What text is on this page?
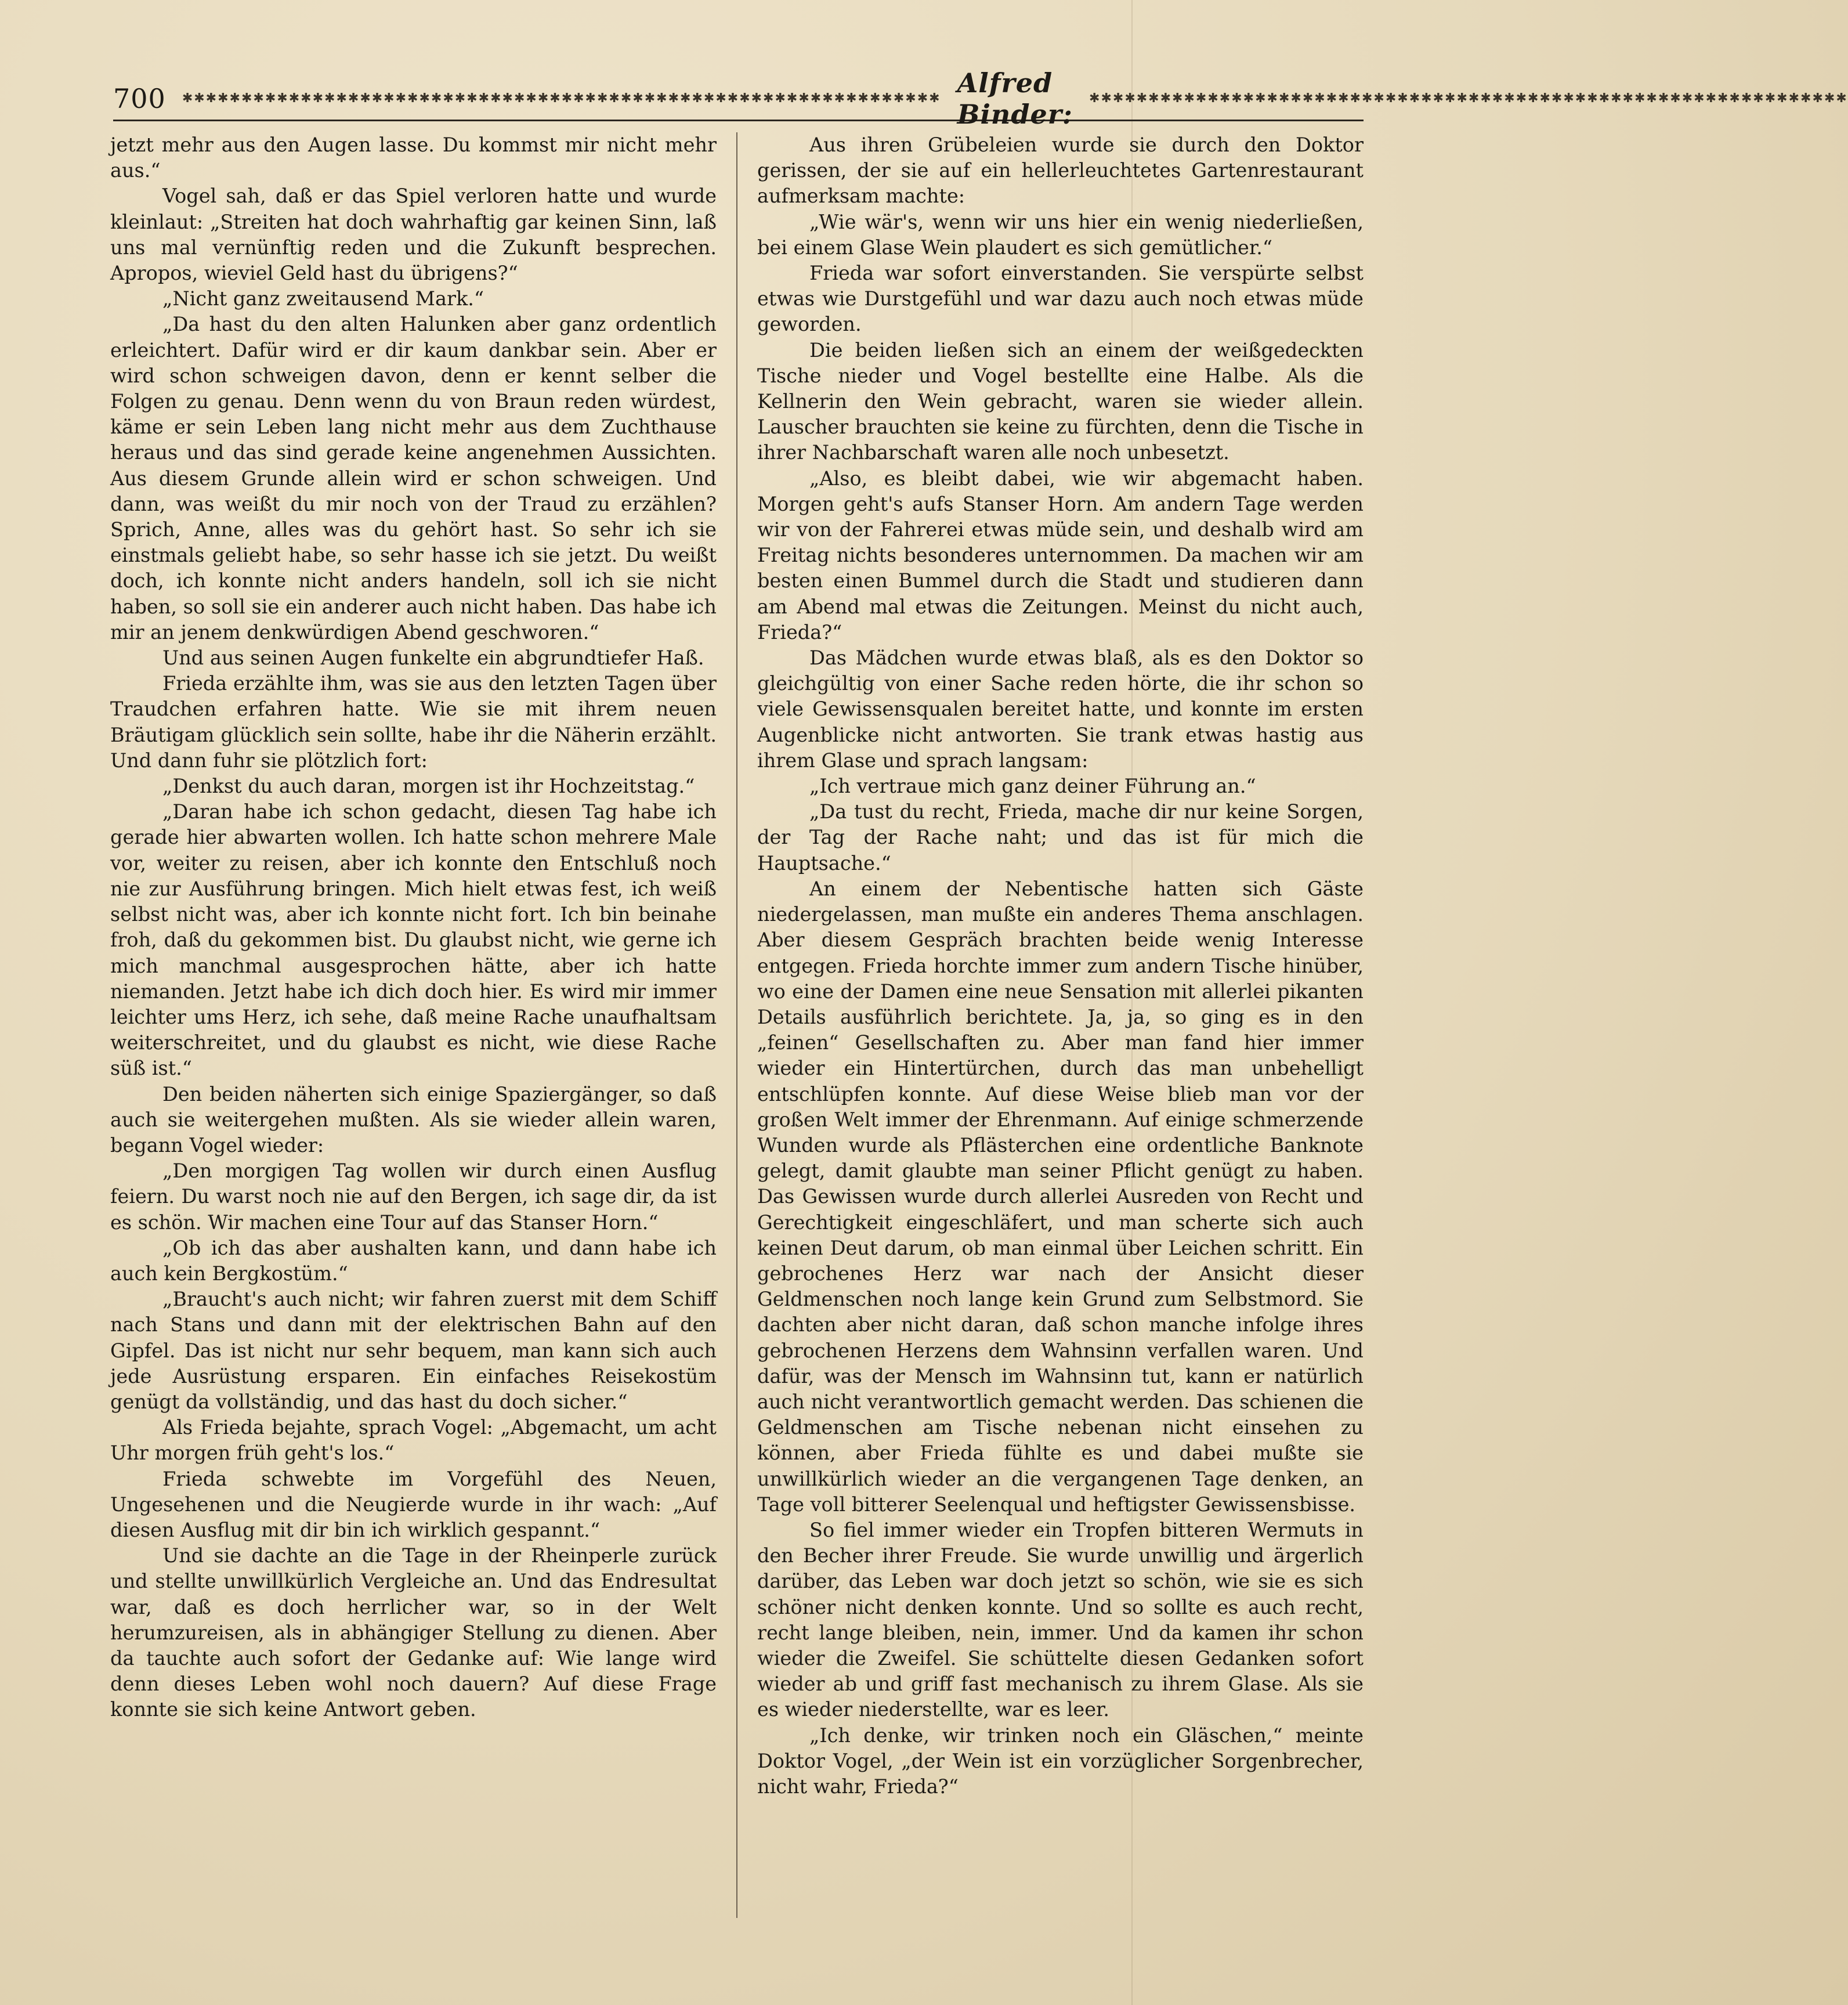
700 ✱✱✱✱✱✱✱✱✱✱✱✱✱✱✱✱✱✱✱✱✱✱✱✱✱✱✱✱✱✱✱✱✱✱✱✱✱✱✱✱✱✱✱✱✱✱✱✱✱✱✱✱✱✱✱✱✱✱✱✱✱✱✱✱ Alfred Binder:
✱✱✱✱✱✱✱✱✱✱✱✱✱✱✱✱✱✱✱✱✱✱✱✱✱✱✱✱✱✱✱✱✱✱✱✱✱✱✱✱✱✱✱✱✱✱✱✱✱✱✱✱✱✱✱✱✱✱✱✱✱✱✱✱

jetzt mehr aus den Augen lasse. Du kommst mir nicht mehr aus.“

Vogel sah, daß er das Spiel verloren hatte und wurde kleinlaut: „Streiten hat doch wahrhaftig gar keinen Sinn, laß uns mal vernünftig reden und die Zukunft besprechen. Apropos, wieviel Geld hast du übrigens?“

„Nicht ganz zweitausend Mark.“

„Da hast du den alten Halunken aber ganz ordentlich erleichtert. Dafür wird er dir kaum dankbar sein. Aber er wird schon schweigen davon, denn er kennt selber die Folgen zu genau. Denn wenn du von Braun reden würdest, käme er sein Leben lang nicht mehr aus dem Zuchthause heraus und das sind gerade keine angenehmen Aussichten. Aus diesem Grunde allein wird er schon schweigen. Und dann, was weißt du mir noch von der Traud zu erzählen? Sprich, Anne, alles was du gehört hast. So sehr ich sie einstmals geliebt habe, so sehr hasse ich sie jetzt. Du weißt doch, ich konnte nicht anders handeln, soll ich sie nicht haben, so soll sie ein anderer auch nicht haben. Das habe ich mir an jenem denkwürdigen Abend geschworen.“

Und aus seinen Augen funkelte ein abgrundtiefer Haß.

Frieda erzählte ihm, was sie aus den letzten Tagen über Traudchen erfahren hatte. Wie sie mit ihrem neuen Bräutigam glücklich sein sollte, habe ihr die Näherin erzählt. Und dann fuhr sie plötzlich fort:

„Denkst du auch daran, morgen ist ihr Hochzeitstag.“

„Daran habe ich schon gedacht, diesen Tag habe ich gerade hier abwarten wollen. Ich hatte schon mehrere Male vor, weiter zu reisen, aber ich konnte den Entschluß noch nie zur Ausführung bringen. Mich hielt etwas fest, ich weiß selbst nicht was, aber ich konnte nicht fort. Ich bin beinahe froh, daß du gekommen bist. Du glaubst nicht, wie gerne ich mich manchmal ausgesprochen hätte, aber ich hatte niemanden. Jetzt habe ich dich doch hier. Es wird mir immer leichter ums Herz, ich sehe, daß meine Rache unaufhaltsam weiterschreitet, und du glaubst es nicht, wie diese Rache süß ist.“

Den beiden näherten sich einige Spaziergänger, so daß auch sie weitergehen mußten. Als sie wieder allein waren, begann Vogel wieder:

„Den morgigen Tag wollen wir durch einen Ausflug feiern. Du warst noch nie auf den Bergen, ich sage dir, da ist es schön. Wir machen eine Tour auf das Stanser Horn.“

„Ob ich das aber aushalten kann, und dann habe ich auch kein Bergkostüm.“

„Braucht's auch nicht; wir fahren zuerst mit dem Schiff nach Stans und dann mit der elektrischen Bahn auf den Gipfel. Das ist nicht nur sehr bequem, man kann sich auch jede Ausrüstung ersparen. Ein einfaches Reisekostüm genügt da vollständig, und das hast du doch sicher.“

Als Frieda bejahte, sprach Vogel: „Abgemacht, um acht Uhr morgen früh geht's los.“

Frieda schwebte im Vorgefühl des Neuen, Ungesehenen und die Neugierde wurde in ihr wach: „Auf diesen Ausflug mit dir bin ich wirklich gespannt.“

Und sie dachte an die Tage in der Rheinperle zurück und stellte unwillkürlich Vergleiche an. Und das Endresultat war, daß es doch herrlicher war, so in der Welt herumzureisen, als in abhängiger Stellung zu dienen. Aber da tauchte auch sofort der Gedanke auf: Wie lange wird denn dieses Leben wohl noch dauern? Auf diese Frage konnte sie sich keine Antwort geben.

Aus ihren Grübeleien wurde sie durch den Doktor gerissen, der sie auf ein hellerleuchtetes Gartenrestaurant aufmerksam machte:

„Wie wär's, wenn wir uns hier ein wenig niederließen, bei einem Glase Wein plaudert es sich gemütlicher.“

Frieda war sofort einverstanden. Sie verspürte selbst etwas wie Durstgefühl und war dazu auch noch etwas müde geworden.

Die beiden ließen sich an einem der weißgedeckten Tische nieder und Vogel bestellte eine Halbe. Als die Kellnerin den Wein gebracht, waren sie wieder allein. Lauscher brauchten sie keine zu fürchten, denn die Tische in ihrer Nachbarschaft waren alle noch unbesetzt.

„Also, es bleibt dabei, wie wir abgemacht haben. Morgen geht's aufs Stanser Horn. Am andern Tage werden wir von der Fahrerei etwas müde sein, und deshalb wird am Freitag nichts besonderes unternommen. Da machen wir am besten einen Bummel durch die Stadt und studieren dann am Abend mal etwas die Zeitungen. Meinst du nicht auch, Frieda?“

Das Mädchen wurde etwas blaß, als es den Doktor so gleichgültig von einer Sache reden hörte, die ihr schon so viele Gewissensqualen bereitet hatte, und konnte im ersten Augenblicke nicht antworten. Sie trank etwas hastig aus ihrem Glase und sprach langsam:

„Ich vertraue mich ganz deiner Führung an.“

„Da tust du recht, Frieda, mache dir nur keine Sorgen, der Tag der Rache naht; und das ist für mich die Hauptsache.“

An einem der Nebentische hatten sich Gäste niedergelassen, man mußte ein anderes Thema anschlagen. Aber diesem Gespräch brachten beide wenig Interesse entgegen. Frieda horchte immer zum andern Tische hinüber, wo eine der Damen eine neue Sensation mit allerlei pikanten Details ausführlich berichtete. Ja, ja, so ging es in den „feinen“ Gesellschaften zu. Aber man fand hier immer wieder ein Hintertürchen, durch das man unbehelligt entschlüpfen konnte. Auf diese Weise blieb man vor der großen Welt immer der Ehrenmann. Auf einige schmerzende Wunden wurde als Pflästerchen eine ordentliche Banknote gelegt, damit glaubte man seiner Pflicht genügt zu haben. Das Gewissen wurde durch allerlei Ausreden von Recht und Gerechtigkeit eingeschläfert, und man scherte sich auch keinen Deut darum, ob man einmal über Leichen schritt. Ein gebrochenes Herz war nach der Ansicht dieser Geldmenschen noch lange kein Grund zum Selbstmord. Sie dachten aber nicht daran, daß schon manche infolge ihres gebrochenen Herzens dem Wahnsinn verfallen waren. Und dafür, was der Mensch im Wahnsinn tut, kann er natürlich auch nicht verantwortlich gemacht werden. Das schienen die Geldmenschen am Tische nebenan nicht einsehen zu können, aber Frieda fühlte es und dabei mußte sie unwillkürlich wieder an die vergangenen Tage denken, an Tage voll bitterer Seelenqual und heftigster Gewissensbisse.

So fiel immer wieder ein Tropfen bitteren Wermuts in den Becher ihrer Freude. Sie wurde unwillig und ärgerlich darüber, das Leben war doch jetzt so schön, wie sie es sich schöner nicht denken konnte. Und so sollte es auch recht, recht lange bleiben, nein, immer. Und da kamen ihr schon wieder die Zweifel. Sie schüttelte diesen Gedanken sofort wieder ab und griff fast mechanisch zu ihrem Glase. Als sie es wieder niederstellte, war es leer.

„Ich denke, wir trinken noch ein Gläschen,“ meinte Doktor Vogel, „der Wein ist ein vorzüglicher Sorgenbrecher, nicht wahr, Frieda?“
